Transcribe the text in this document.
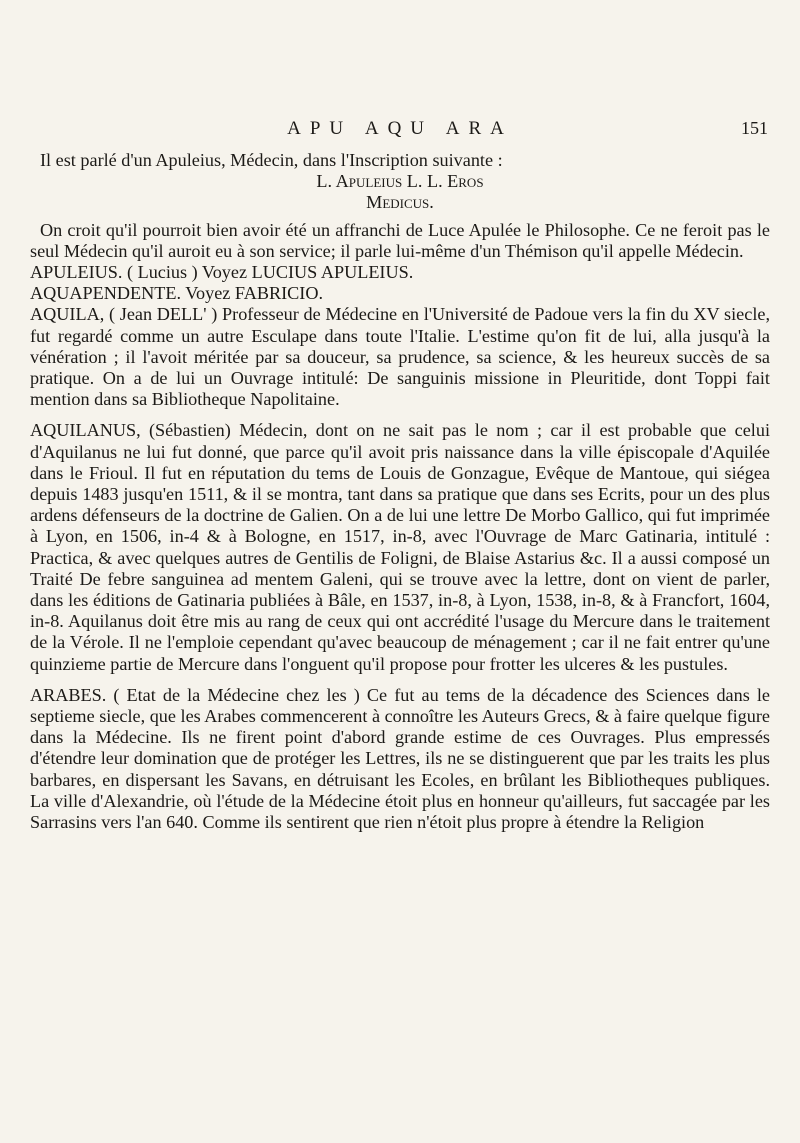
APU AQU ARA	151

Il est parlé d'un Apuleius, Médecin, dans l'Inscription suivante :

L. Apuleius L. L. Eros

Medicus.

On croit qu'il pourroit bien avoir été un affranchi de Luce Apulée le Philosophe. Ce ne feroit pas le seul Médecin qu'il auroit eu à son service; il parle lui-même d'un Thémison qu'il appelle Médecin.

APULEIUS. ( Lucius ) Voyez LUCIUS APULEIUS.

AQUAPENDENTE. Voyez FABRICIO.

AQUILA, ( Jean DELL' ) Professeur de Médecine en l'Université de Padoue vers la fin du XV siecle, fut regardé comme un autre Esculape dans toute l'Italie. L'estime qu'on fit de lui, alla jusqu'à la vénération ; il l'avoit méritée par sa douceur, sa prudence, sa science, & les heureux succès de sa pratique. On a de lui un Ouvrage intitulé: De sanguinis missione in Pleuritide, dont Toppi fait mention dans sa Bibliotheque Napolitaine.

AQUILANUS, (Sébastien) Médecin, dont on ne sait pas le nom ; car il est probable que celui d'Aquilanus ne lui fut donné, que parce qu'il avoit pris naissance dans la ville épiscopale d'Aquilée dans le Frioul. Il fut en réputation du tems de Louis de Gonzague, Evêque de Mantoue, qui siégea depuis 1483 jusqu'en 1511, & il se montra, tant dans sa pratique que dans ses Ecrits, pour un des plus ardens défenseurs de la doctrine de Galien. On a de lui une lettre De Morbo Gallico, qui fut imprimée à Lyon, en 1506, in-4 & à Bologne, en 1517, in-8, avec l'Ouvrage de Marc Gatinaria, intitulé : Practica, & avec quelques autres de Gentilis de Foligni, de Blaise Astarius &c. Il a aussi composé un Traité De febre sanguinea ad mentem Galeni, qui se trouve avec la lettre, dont on vient de parler, dans les éditions de Gatinaria publiées à Bâle, en 1537, in-8, à Lyon, 1538, in-8, & à Francfort, 1604, in-8. Aquilanus doit être mis au rang de ceux qui ont accrédité l'usage du Mercure dans le traitement de la Vérole. Il ne l'emploie cependant qu'avec beaucoup de ménagement ; car il ne fait entrer qu'une quinzieme partie de Mercure dans l'onguent qu'il propose pour frotter les ulceres & les pustules.

ARABES. ( Etat de la Médecine chez les ) Ce fut au tems de la décadence des Sciences dans le septieme siecle, que les Arabes commencerent à connoître les Auteurs Grecs, & à faire quelque figure dans la Médecine. Ils ne firent point d'abord grande estime de ces Ouvrages. Plus empressés d'étendre leur domination que de protéger les Lettres, ils ne se distinguerent que par les traits les plus barbares, en dispersant les Savans, en détruisant les Ecoles, en brûlant les Bibliotheques publiques. La ville d'Alexandrie, où l'étude de la Médecine étoit plus en honneur qu'ailleurs, fut saccagée par les Sarrasins vers l'an 640. Comme ils sentirent que rien n'étoit plus propre à étendre la Religion
